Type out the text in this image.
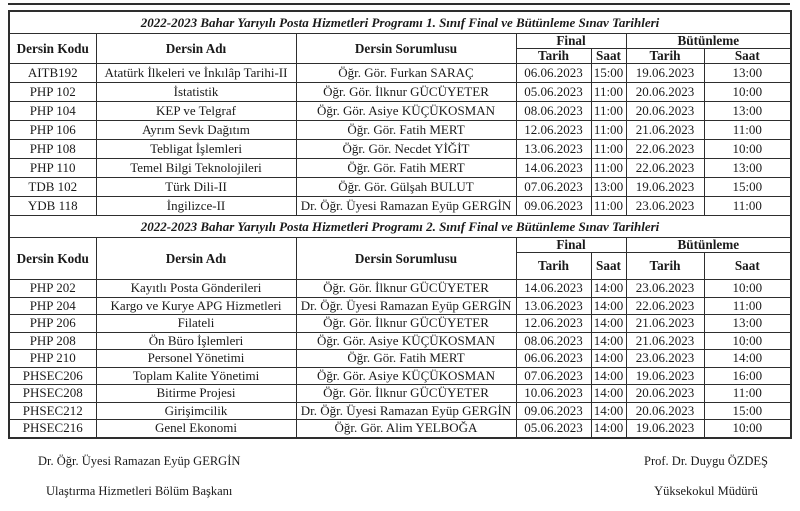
2022-2023 Bahar Yarıyılı Posta Hizmetleri Programı 1. Sınıf Final ve Bütünleme Sınav Tarihleri						
Dersin Kodu	Dersin Adı	Dersin Sorumlusu	Final		Bütünleme	
			Tarih	Saat	Tarih	Saat
AITB192	Atatürk İlkeleri ve İnkılâp Tarihi-II	Öğr. Gör. Furkan SARAÇ	06.06.2023	15:00	19.06.2023	13:00
PHP 102	İstatistik	Öğr. Gör. İlknur GÜCÜYETER	05.06.2023	11:00	20.06.2023	10:00
PHP 104	KEP ve Telgraf	Öğr. Gör. Asiye KÜÇÜKOSMAN	08.06.2023	11:00	20.06.2023	13:00
PHP 106	Ayrım Sevk Dağıtım	Öğr. Gör. Fatih MERT	12.06.2023	11:00	21.06.2023	11:00
PHP 108	Tebligat İşlemleri	Öğr. Gör. Necdet YİĞİT	13.06.2023	11:00	22.06.2023	10:00
PHP 110	Temel Bilgi Teknolojileri	Öğr. Gör. Fatih MERT	14.06.2023	11:00	22.06.2023	13:00
TDB 102	Türk Dili-II	Öğr. Gör. Gülşah BULUT	07.06.2023	13:00	19.06.2023	15:00
YDB 118	İngilizce-II	Dr. Öğr. Üyesi Ramazan Eyüp GERGİN	09.06.2023	11:00	23.06.2023	11:00
2022-2023 Bahar Yarıyılı Posta Hizmetleri Programı 2. Sınıf Final ve Bütünleme Sınav Tarihleri						
Dersin Kodu	Dersin Adı	Dersin Sorumlusu	Final		Bütünleme	
			Tarih	Saat	Tarih	Saat
PHP 202	Kayıtlı Posta Gönderileri	Öğr. Gör. İlknur GÜCÜYETER	14.06.2023	14:00	23.06.2023	10:00
PHP 204	Kargo ve Kurye APG Hizmetleri	Dr. Öğr. Üyesi Ramazan Eyüp GERGİN	13.06.2023	14:00	22.06.2023	11:00
PHP 206	Filateli	Öğr. Gör. İlknur GÜCÜYETER	12.06.2023	14:00	21.06.2023	13:00
PHP 208	Ön Büro İşlemleri	Öğr. Gör. Asiye KÜÇÜKOSMAN	08.06.2023	14:00	21.06.2023	10:00
PHP 210	Personel Yönetimi	Öğr. Gör. Fatih MERT	06.06.2023	14:00	23.06.2023	14:00
PHSEC206	Toplam Kalite Yönetimi	Öğr. Gör. Asiye KÜÇÜKOSMAN	07.06.2023	14:00	19.06.2023	16:00
PHSEC208	Bitirme Projesi	Öğr. Gör. İlknur GÜCÜYETER	10.06.2023	14:00	20.06.2023	11:00
PHSEC212	Girişimcilik	Dr. Öğr. Üyesi Ramazan Eyüp GERGİN	09.06.2023	14:00	20.06.2023	15:00
PHSEC216	Genel Ekonomi	Öğr. Gör. Alim YELBOĞA	05.06.2023	14:00	19.06.2023	10:00
Dr. Öğr. Üyesi Ramazan Eyüp GERGİN
Ulaştırma Hizmetleri Bölüm Başkanı
Prof. Dr. Duygu ÖZDEŞ
Yüksekokul Müdürü
